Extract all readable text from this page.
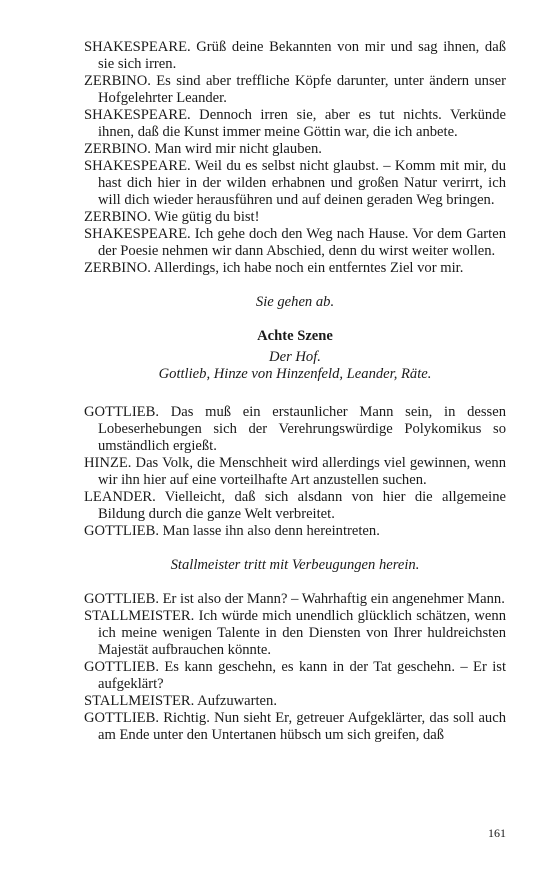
SHAKESPEARE. Grüß deine Bekannten von mir und sag ihnen, daß sie sich irren.

ZERBINO. Es sind aber treffliche Köpfe darunter, unter ändern unser Hofgelehrter Leander.

SHAKESPEARE. Dennoch irren sie, aber es tut nichts. Verkünde ihnen, daß die Kunst immer meine Göttin war, die ich anbete.

ZERBINO. Man wird mir nicht glauben.

SHAKESPEARE. Weil du es selbst nicht glaubst. – Komm mit mir, du hast dich hier in der wilden erhabnen und großen Natur verirrt, ich will dich wieder herausführen und auf deinen geraden Weg bringen.

ZERBINO. Wie gütig du bist!

SHAKESPEARE. Ich gehe doch den Weg nach Hause. Vor dem Garten der Poesie nehmen wir dann Abschied, denn du wirst weiter wollen.

ZERBINO. Allerdings, ich habe noch ein entferntes Ziel vor mir.

Sie gehen ab.

Achte Szene

Der Hof.

Gottlieb, Hinze von Hinzenfeld, Leander, Räte.

GOTTLIEB. Das muß ein erstaunlicher Mann sein, in dessen Lobeserhebungen sich der Verehrungswürdige Polykomikus so umständlich ergießt.

HINZE. Das Volk, die Menschheit wird allerdings viel gewinnen, wenn wir ihn hier auf eine vorteilhafte Art anzustellen suchen.

LEANDER. Vielleicht, daß sich alsdann von hier die allgemeine Bildung durch die ganze Welt verbreitet.

GOTTLIEB. Man lasse ihn also denn hereintreten.

Stallmeister tritt mit Verbeugungen herein.

GOTTLIEB. Er ist also der Mann? – Wahrhaftig ein angenehmer Mann.

STALLMEISTER. Ich würde mich unendlich glücklich schätzen, wenn ich meine wenigen Talente in den Diensten von Ihrer huldreichsten Majestät aufbrauchen könnte.

GOTTLIEB. Es kann geschehn, es kann in der Tat geschehn. – Er ist aufgeklärt?

STALLMEISTER. Aufzuwarten.

GOTTLIEB. Richtig. Nun sieht Er, getreuer Aufgeklärter, das soll auch am Ende unter den Untertanen hübsch um sich greifen, daß

161
